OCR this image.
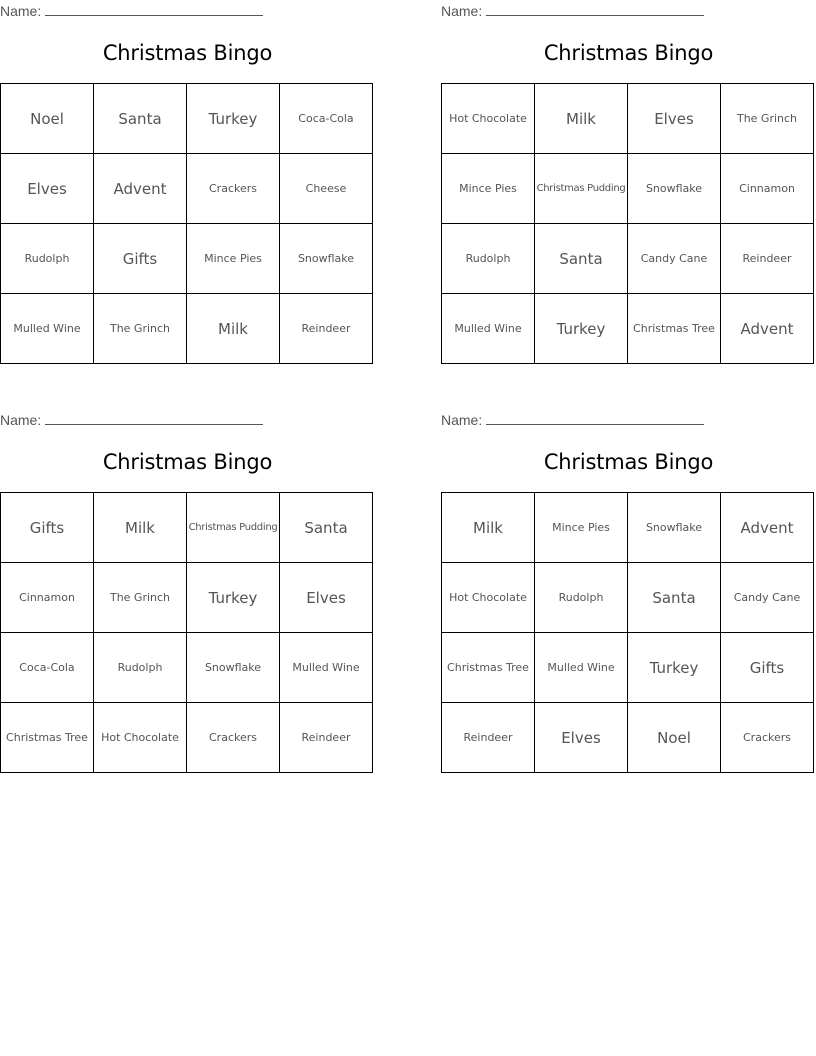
Name:
Christmas Bingo
Noel	Santa	Turkey	Coca-Cola
Elves	Advent	Crackers	Cheese
Rudolph	Gifts	Mince Pies	Snowflake
Mulled Wine	The Grinch	Milk	Reindeer
Name:
Christmas Bingo
Hot Chocolate	Milk	Elves	The Grinch
Mince Pies	Christmas Pudding	Snowflake	Cinnamon
Rudolph	Santa	Candy Cane	Reindeer
Mulled Wine	Turkey	Christmas Tree	Advent
Name:
Christmas Bingo
Gifts	Milk	Christmas Pudding	Santa
Cinnamon	The Grinch	Turkey	Elves
Coca-Cola	Rudolph	Snowflake	Mulled Wine
Christmas Tree	Hot Chocolate	Crackers	Reindeer
Name:
Christmas Bingo
Milk	Mince Pies	Snowflake	Advent
Hot Chocolate	Rudolph	Santa	Candy Cane
Christmas Tree	Mulled Wine	Turkey	Gifts
Reindeer	Elves	Noel	Crackers
